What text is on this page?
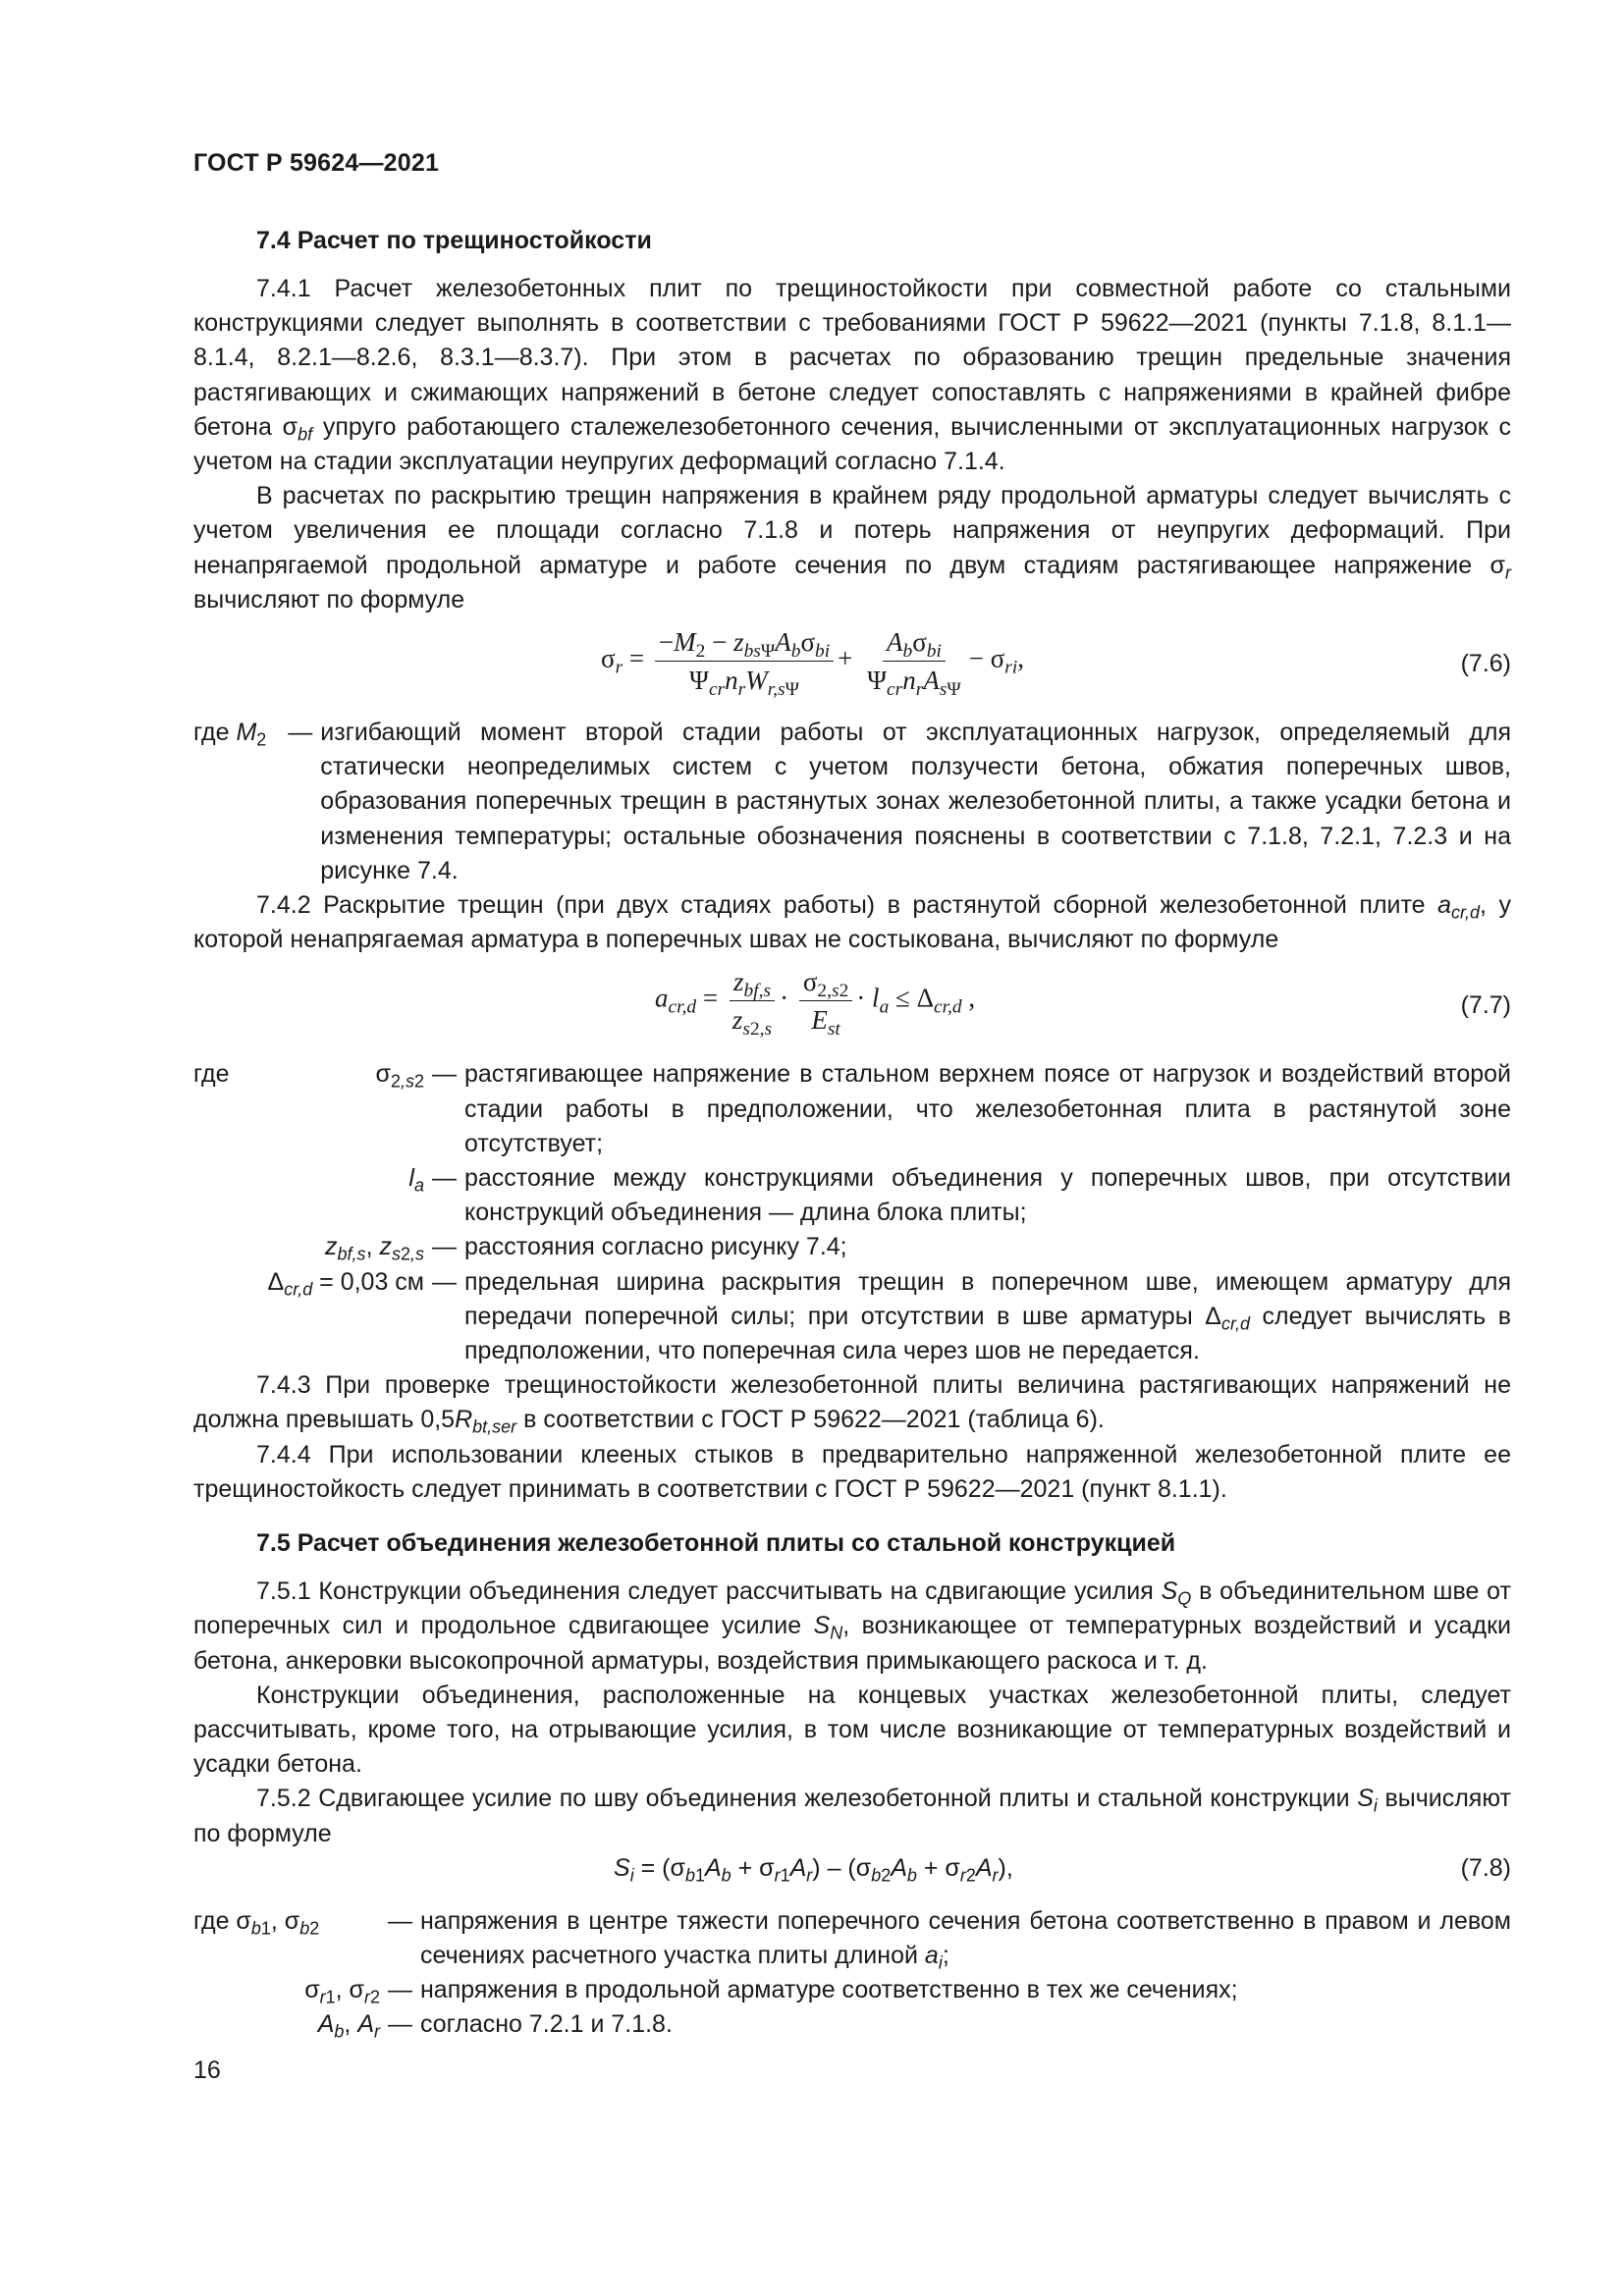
ГОСТ Р 59624—2021
7.4 Расчет по трещиностойкости

7.4.1 Расчет железобетонных плит по трещиностойкости при совместной работе со стальными конструкциями следует выполнять в соответствии с требованиями ГОСТ Р 59622—2021 (пункты 7.1.8, 8.1.1—8.1.4, 8.2.1—8.2.6, 8.3.1—8.3.7). При этом в расчетах по образованию трещин предельные значения растягивающих и сжимающих напряжений в бетоне следует сопоставлять с напряжениями в крайней фибре бетона $\sigma_{bf}$ упруго работающего сталежелезобетонного сечения, вычисленными от эксплуатационных нагрузок с учетом на стадии эксплуатации неупругих деформаций согласно 7.1.4.

В расчетах по раскрытию трещин напряжения в крайнем ряду продольной арматуры следует вычислять с учетом увеличения ее площади согласно 7.1.8 и потерь напряжения от неупругих деформаций. При ненапрягаемой продольной арматуре и работе сечения по двум стадиям растягивающее напряжение $\sigma_r$ вычисляют по формуле

$\sigma_r = \frac{-M_2 - z_{bs\Psi}A_b\sigma_{bi}}{\Psi_{cr}n_rW_{r,s\Psi}} + \frac{A_b\sigma_{bi}}{\Psi_{cr}n_rA_{s\Psi}} - \sigma_{ri}$,	(7.6)
где $M_2$ — изгибающий момент второй стадии работы от эксплуатационных нагрузок, определяемый для статически неопределимых систем с учетом ползучести бетона, обжатия поперечных швов, образования поперечных трещин в растянутых зонах железобетонной плиты, а также усадки бетона и изменения температуры; остальные обозначения пояснены в соответствии с 7.1.8, 7.2.1, 7.2.3 и на рисунке 7.4.

7.4.2 Раскрытие трещин (при двух стадиях работы) в растянутой сборной железобетонной плите $a_{cr,d}$, у которой ненапрягаемая арматура в поперечных швах не состыкована, вычисляют по формуле

$a_{cr,d} = \frac{z_{bf,s}}{z_{s2,s}} \cdot \frac{\sigma_{2,s2}}{E_{st}} \cdot l_a \le \Delta_{cr,d}$ ,	(7.7)
где	$\sigma_{2,s2}$ — растягивающее напряжение в стальном верхнем поясе от нагрузок и воздействий второй стадии работы в предположении, что железобетонная плита в растянутой зоне отсутствует;
$l_a$ — расстояние между конструкциями объединения у поперечных швов, при отсутствии конструкций объединения — длина блока плиты;
$z_{bf,s}$, $z_{s2,s}$ — расстояния согласно рисунку 7.4;
$\Delta_{cr,d} = 0,03$ см — предельная ширина раскрытия трещин в поперечном шве, имеющем арматуру для передачи поперечной силы; при отсутствии в шве арматуры $\Delta_{cr,d}$ следует вычислять в предположении, что поперечная сила через шов не передается.

7.4.3 При проверке трещиностойкости железобетонной плиты величина растягивающих напряжений не должна превышать $0,5R_{bt,ser}$ в соответствии с ГОСТ Р 59622—2021 (таблица 6).

7.4.4 При использовании клееных стыков в предварительно напряженной железобетонной плите ее трещиностойкость следует принимать в соответствии с ГОСТ Р 59622—2021 (пункт 8.1.1).

7.5 Расчет объединения железобетонной плиты со стальной конструкцией

7.5.1 Конструкции объединения следует рассчитывать на сдвигающие усилия $S_Q$ в объединительном шве от поперечных сил и продольное сдвигающее усилие $S_N$, возникающее от температурных воздействий и усадки бетона, анкеровки высокопрочной арматуры, воздействия примыкающего раскоса и т. д.

Конструкции объединения, расположенные на концевых участках железобетонной плиты, следует рассчитывать, кроме того, на отрывающие усилия, в том числе возникающие от температурных воздействий и усадки бетона.

7.5.2 Сдвигающее усилие по шву объединения железобетонной плиты и стальной конструкции $S_i$ вычисляют по формуле

$S_i = (\sigma_{b1}A_b + \sigma_{r1}A_r) - (\sigma_{b2}A_b + \sigma_{r2}A_r)$,	(7.8)
где $\sigma_{b1}$, $\sigma_{b2}$	— напряжения в центре тяжести поперечного сечения бетона соответственно в правом и левом сечениях расчетного участка плиты длиной $a_i$;
$\sigma_{r1}$, $\sigma_{r2}$ — напряжения в продольной арматуре соответственно в тех же сечениях;
$A_b$, $A_r$ — согласно 7.2.1 и 7.1.8.
16
